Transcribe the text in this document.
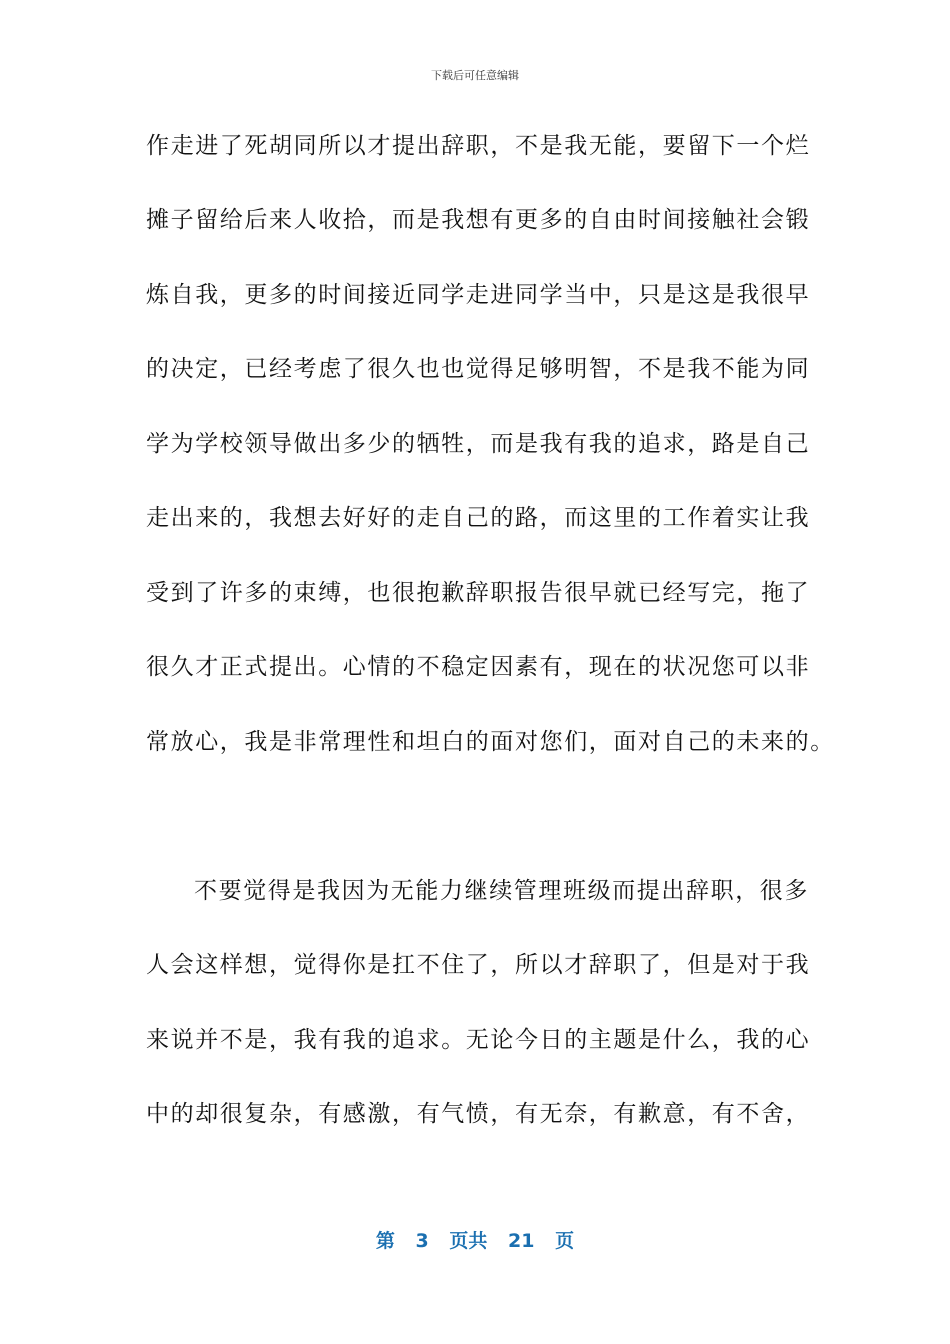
下载后可任意编辑
作走进了死胡同所以才提出辞职，不是我无能，要留下一个烂
摊子留给后来人收拾，而是我想有更多的自由时间接触社会锻
炼自我，更多的时间接近同学走进同学当中，只是这是我很早
的决定，已经考虑了很久也也觉得足够明智，不是我不能为同
学为学校领导做出多少的牺牲，而是我有我的追求，路是自己
走出来的，我想去好好的走自己的路，而这里的工作着实让我
受到了许多的束缚，也很抱歉辞职报告很早就已经写完，拖了
很久才正式提出。心情的不稳定因素有，现在的状况您可以非
常放心，我是非常理性和坦白的面对您们，面对自己的未来的。
不要觉得是我因为无能力继续管理班级而提出辞职，很多
人会这样想，觉得你是扛不住了，所以才辞职了，但是对于我
来说并不是，我有我的追求。无论今日的主题是什么，我的心
中的却很复杂，有感激，有气愤，有无奈，有歉意，有不舍，
第 3 页共 21 页
